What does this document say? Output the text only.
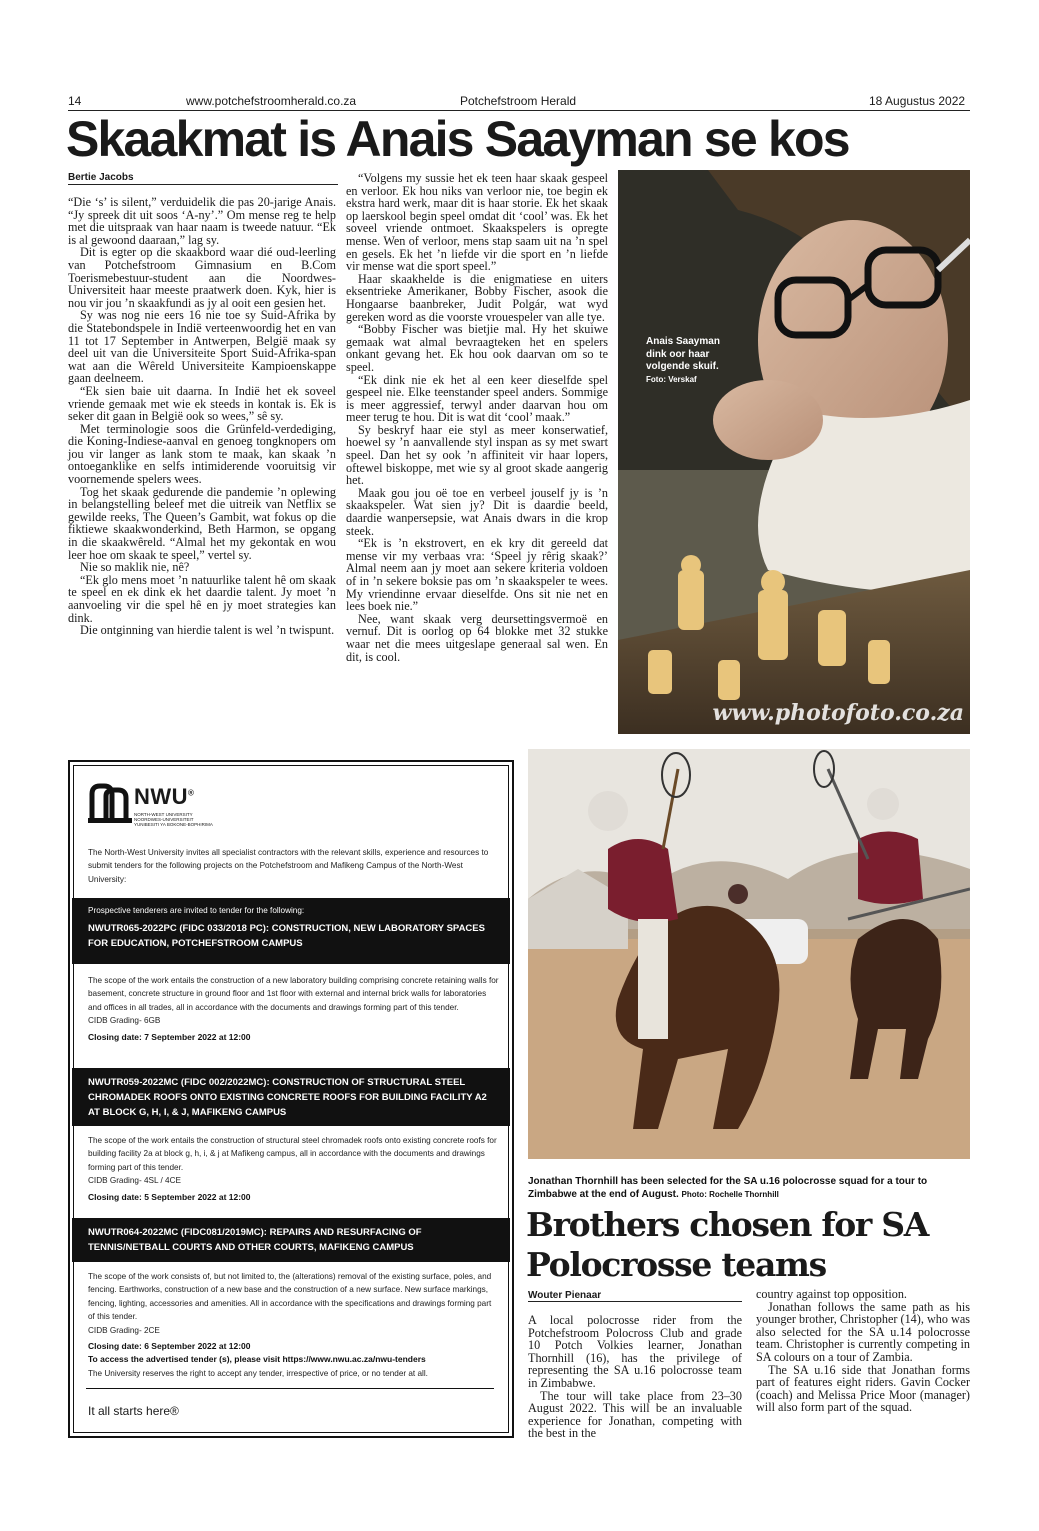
14	www.potchefstroomherald.co.za	Potchefstroom Herald	18 Augustus 2022
Skaakmat is Anais Saayman se kos
Bertie Jacobs

“Die ‘s’ is silent,” verduidelik die pas 20-jarige Anais. “Jy spreek dit uit soos ‘A-ny’.” Om mense reg te help met die uitspraak van haar naam is tweede natuur. “Ek is al gewoond daaraan,” lag sy.

Dit is egter op die skaakbord waar dié oud-leerling van Potchefstroom Gimnasium en B.Com Toerismebestuur-student aan die Noordwes-Universiteit haar meeste praatwerk doen. Kyk, hier is nou vir jou ’n skaakfundi as jy al ooit een gesien het.

Sy was nog nie eers 16 nie toe sy Suid-Afrika by die Statebondspele in Indië verteenwoordig het en van 11 tot 17 September in Antwerpen, België maak sy deel uit van die Universiteite Sport Suid-Afrika-span wat aan die Wêreld Universiteite Kampioenskappe gaan deelneem.

“Ek sien baie uit daarna. In Indië het ek soveel vriende gemaak met wie ek steeds in kontak is. Ek is seker dit gaan in België ook so wees,” sê sy.

Met terminologie soos die Grünfeld-verdediging, die Koning-Indiese-aanval en genoeg tongknopers om jou vir langer as lank stom te maak, kan skaak ’n ontoeganklike en selfs intimiderende vooruitsig vir voornemende spelers wees.

Tog het skaak gedurende die pandemie ’n oplewing in belangstelling beleef met die uitreik van Netflix se gewilde reeks, The Queen’s Gambit, wat fokus op die fiktiewe skaakwonderkind, Beth Harmon, se opgang in die skaakwêreld. “Almal het my gekontak en wou leer hoe om skaak te speel,” vertel sy.

Nie so maklik nie, nê?

“Ek glo mens moet ’n natuurlike talent hê om skaak te speel en ek dink ek het daardie talent. Jy moet ’n aanvoeling vir die spel hê en jy moet strategies kan dink.

Die ontginning van hierdie talent is wel ’n twispunt.

“Volgens my sussie het ek teen haar skaak gespeel en verloor. Ek hou niks van verloor nie, toe begin ek ekstra hard werk, maar dit is haar storie. Ek het skaak op laerskool begin speel omdat dit ‘cool’ was. Ek het soveel vriende ontmoet. Skaakspelers is opregte mense. Wen of verloor, mens stap saam uit na ’n spel en gesels. Ek het ’n liefde vir die sport en ’n liefde vir mense wat die sport speel.”

Haar skaakhelde is die enigmatiese en uiters eksentrieke Amerikaner, Bobby Fischer, asook die Hongaarse baanbreker, Judit Polgár, wat wyd gereken word as die voorste vrouespeler van alle tye.

“Bobby Fischer was bietjie mal. Hy het skuiwe gemaak wat almal bevraagteken het en spelers onkant gevang het. Ek hou ook daarvan om so te speel.

“Ek dink nie ek het al een keer dieselfde spel gespeel nie. Elke teenstander speel anders. Sommige is meer aggressief, terwyl ander daarvan hou om meer terug te hou. Dit is wat dit ‘cool’ maak.”

Sy beskryf haar eie styl as meer konserwatief, hoewel sy ’n aanvallende styl inspan as sy met swart speel. Dan het sy ook ’n affiniteit vir haar lopers, oftewel biskoppe, met wie sy al groot skade aangerig het.

Maak gou jou oë toe en verbeel jouself jy is ’n skaakspeler. Wat sien jy? Dit is daardie beeld, daardie wanpersepsie, wat Anais dwars in die krop steek.

“Ek is ’n ekstrovert, en ek kry dit gereeld dat mense vir my verbaas vra: ‘Speel jy rêrig skaak?’ Almal neem aan jy moet aan sekere kriteria voldoen of in ’n sekere boksie pas om ’n skaakspeler te wees. My vriendinne ervaar dieselfde. Ons sit nie net en lees boek nie.”

Nee, want skaak verg deursettingsvermoë en vernuf. Dit is oorlog op 64 blokke met 32 stukke waar net die mees uitgeslape generaal sal wen. En dit, is cool.

www.photofoto.co.za
Anais Saayman dink oor haar volgende skuif. Foto: Verskaf
NWU®
NORTH-WEST UNIVERSITY
NOORDWES-UNIVERSITEIT
YUNIBESITI YA BOKONE-BOPHIRIMA
The North-West University invites all specialist contractors with the relevant skills, experience and resources to submit tenders for the following projects on the Potchefstroom and Mafikeng Campus of the North-West University:
Prospective tenderers are invited to tender for the following:
NWUTR065-2022PC (FIDC 033/2018 PC): CONSTRUCTION, NEW LABORATORY SPACES FOR EDUCATION, POTCHEFSTROOM CAMPUS

The scope of the work entails the construction of a new laboratory building comprising concrete retaining walls for basement, concrete structure in ground floor and 1st floor with external and internal brick walls for laboratories and offices in all trades, all in accordance with the documents and drawings forming part of this tender.

CIDB Grading- 6GB

Closing date: 7 September 2022 at 12:00

NWUTR059-2022MC (FIDC 002/2022MC): CONSTRUCTION OF STRUCTURAL STEEL CHROMADEK ROOFS ONTO EXISTING CONCRETE ROOFS FOR BUILDING FACILITY A2 AT BLOCK G, H, I, & J, MAFIKENG CAMPUS

The scope of the work entails the construction of structural steel chromadek roofs onto existing concrete roofs for building facility 2a at block g, h, i, & j at Mafikeng campus, all in accordance with the documents and drawings forming part of this tender.

CIDB Grading- 4SL / 4CE

Closing date: 5 September 2022 at 12:00

NWUTR064-2022MC (FIDC081/2019MC): REPAIRS AND RESURFACING OF TENNIS/NETBALL COURTS AND OTHER COURTS, MAFIKENG CAMPUS

The scope of the work consists of, but not limited to, the (alterations) removal of the existing surface, poles, and fencing. Earthworks, construction of a new base and the construction of a new surface. New surface markings, fencing, lighting, accessories and amenities. All in accordance with the specifications and drawings forming part of this tender.

CIDB Grading- 2CE

Closing date: 6 September 2022 at 12:00

To access the advertised tender (s), please visit https://www.nwu.ac.za/nwu-tenders

The University reserves the right to accept any tender, irrespective of price, or no tender at all.

It all starts here®
Jonathan Thornhill has been selected for the SA u.16 polocrosse squad for a tour to Zimbabwe at the end of August. Photo: Rochelle Thornhill
Brothers chosen for SA
Polocrosse teams
Wouter Pienaar

A local polocrosse rider from the Potchefstroom Polocross Club and grade 10 Potch Volkies learner, Jonathan Thornhill (16), has the privilege of representing the SA u.16 polocrosse team in Zimbabwe.

The tour will take place from 23–30 August 2022. This will be an invaluable experience for Jonathan, competing with the best in the

country against top opposition.

Jonathan follows the same path as his younger brother, Christopher (14), who was also selected for the SA u.14 polocrosse team. Christopher is currently competing in SA colours on a tour of Zambia.

The SA u.16 side that Jonathan forms part of features eight riders. Gavin Cocker (coach) and Melissa Price Moor (manager) will also form part of the squad.
